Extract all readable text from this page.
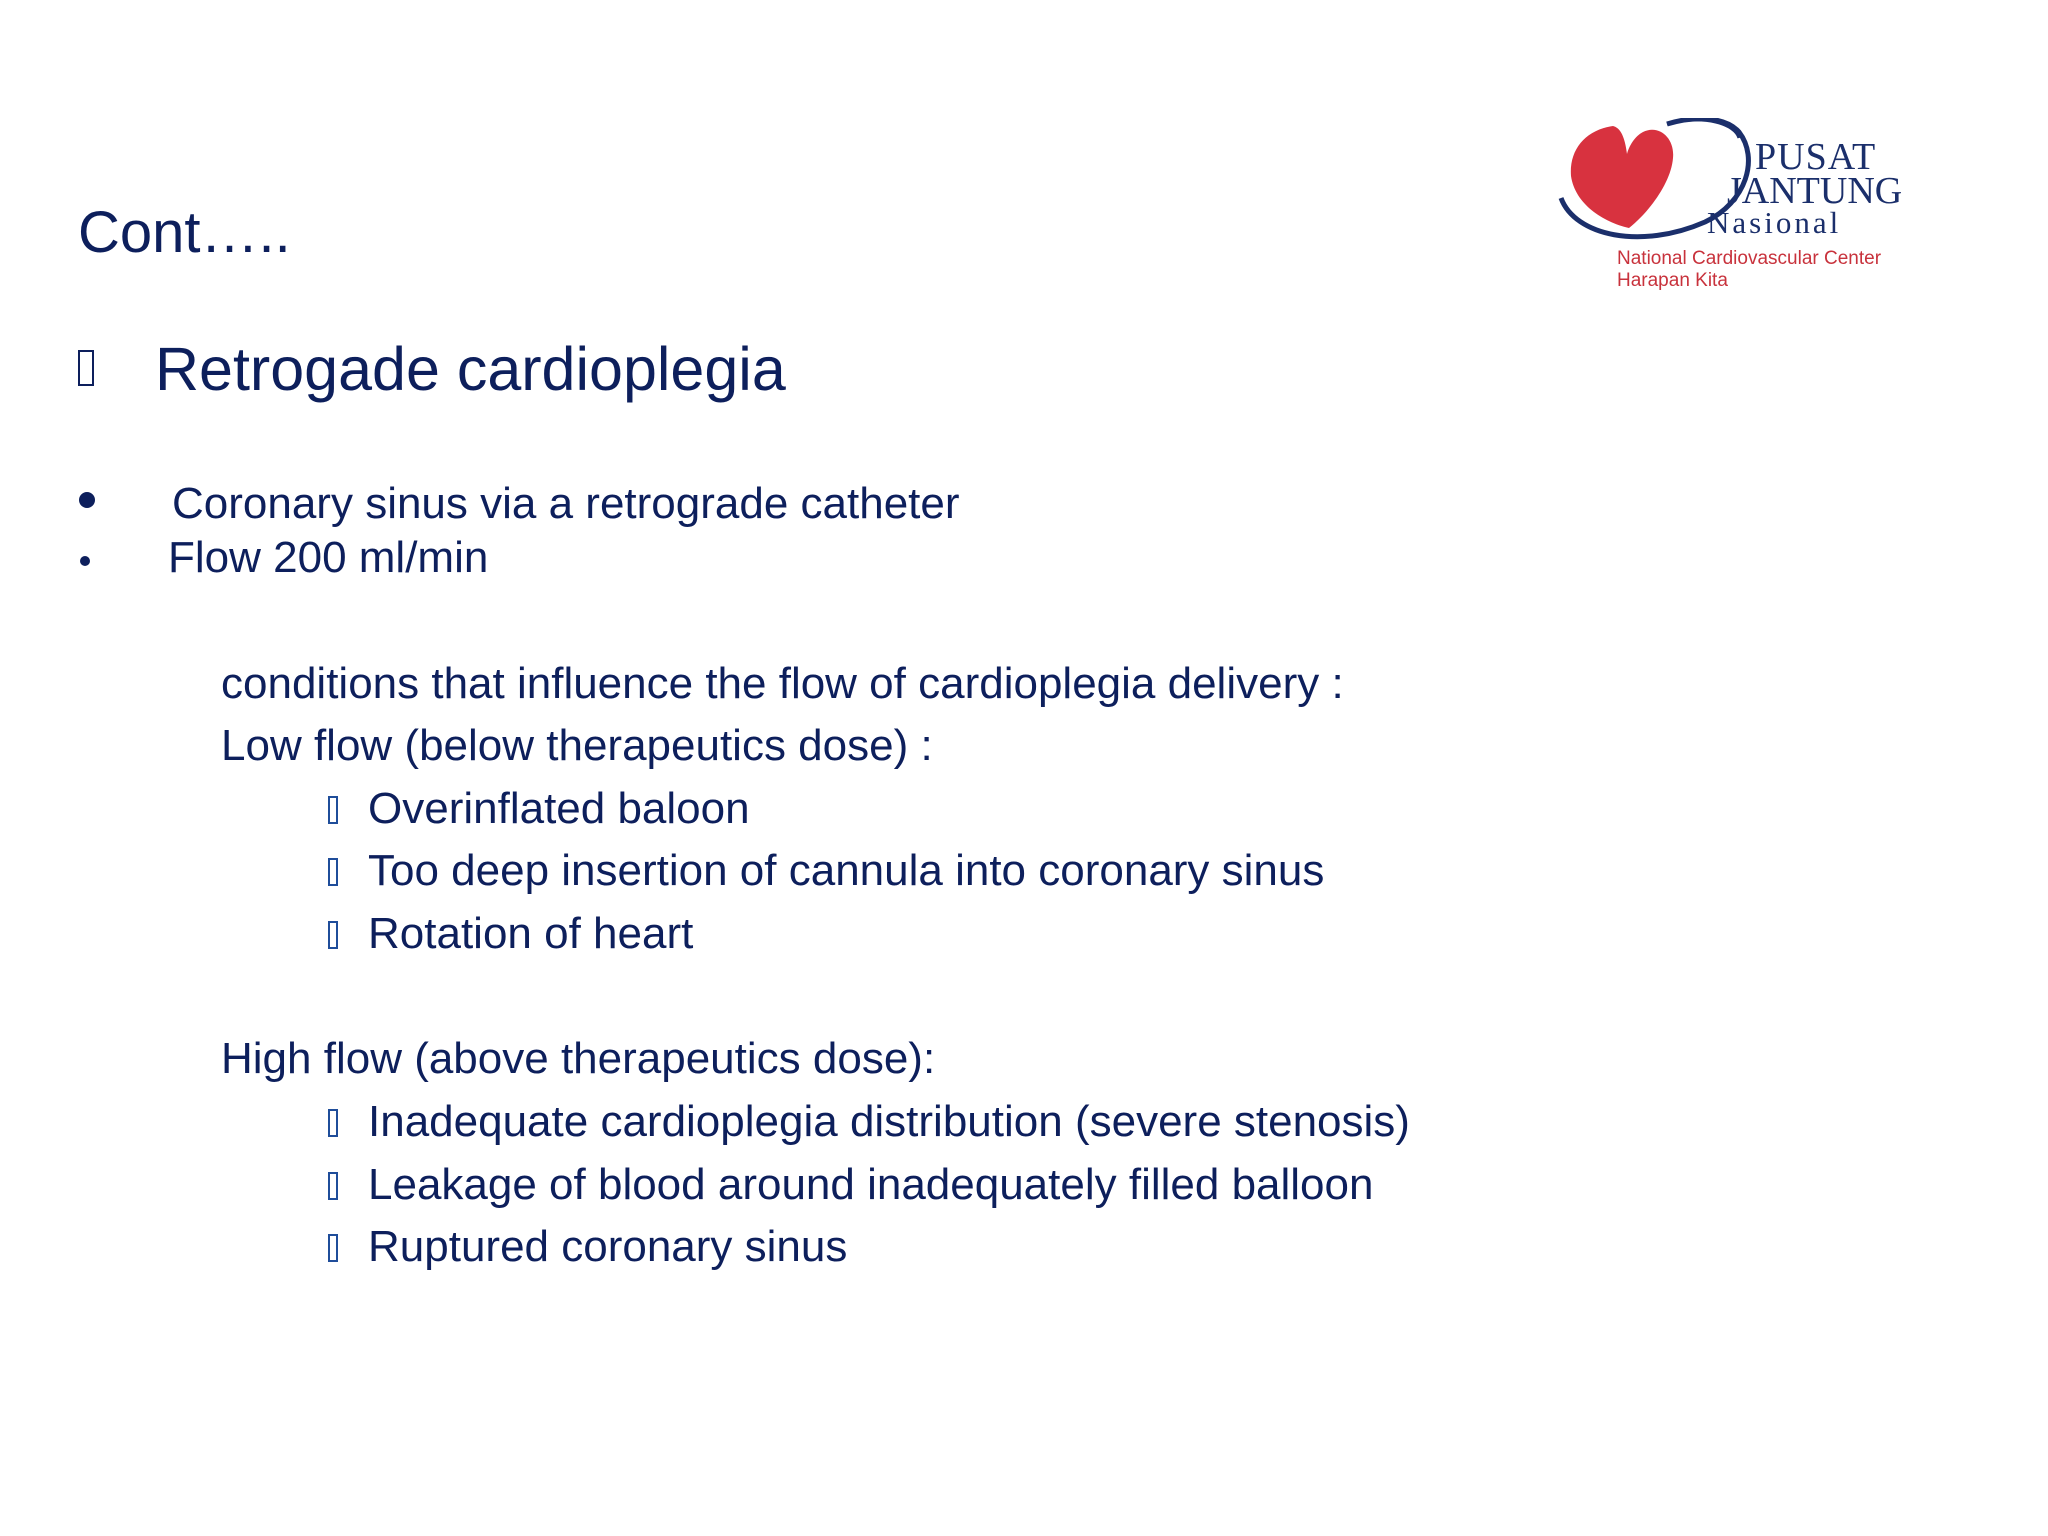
Cont…..
PUSAT
JANTUNG
Nasional
National Cardiovascular Center
Harapan Kita
Retrogade cardioplegia
Coronary sinus via a retrograde catheter
Flow 200 ml/min
conditions that influence the flow of cardioplegia delivery :
Low flow (below therapeutics dose) :
Overinflated baloon
Too deep insertion of cannula into coronary sinus
Rotation of heart
High flow (above therapeutics dose):
Inadequate cardioplegia distribution (severe stenosis)
Leakage of blood around inadequately filled balloon
Ruptured coronary sinus
